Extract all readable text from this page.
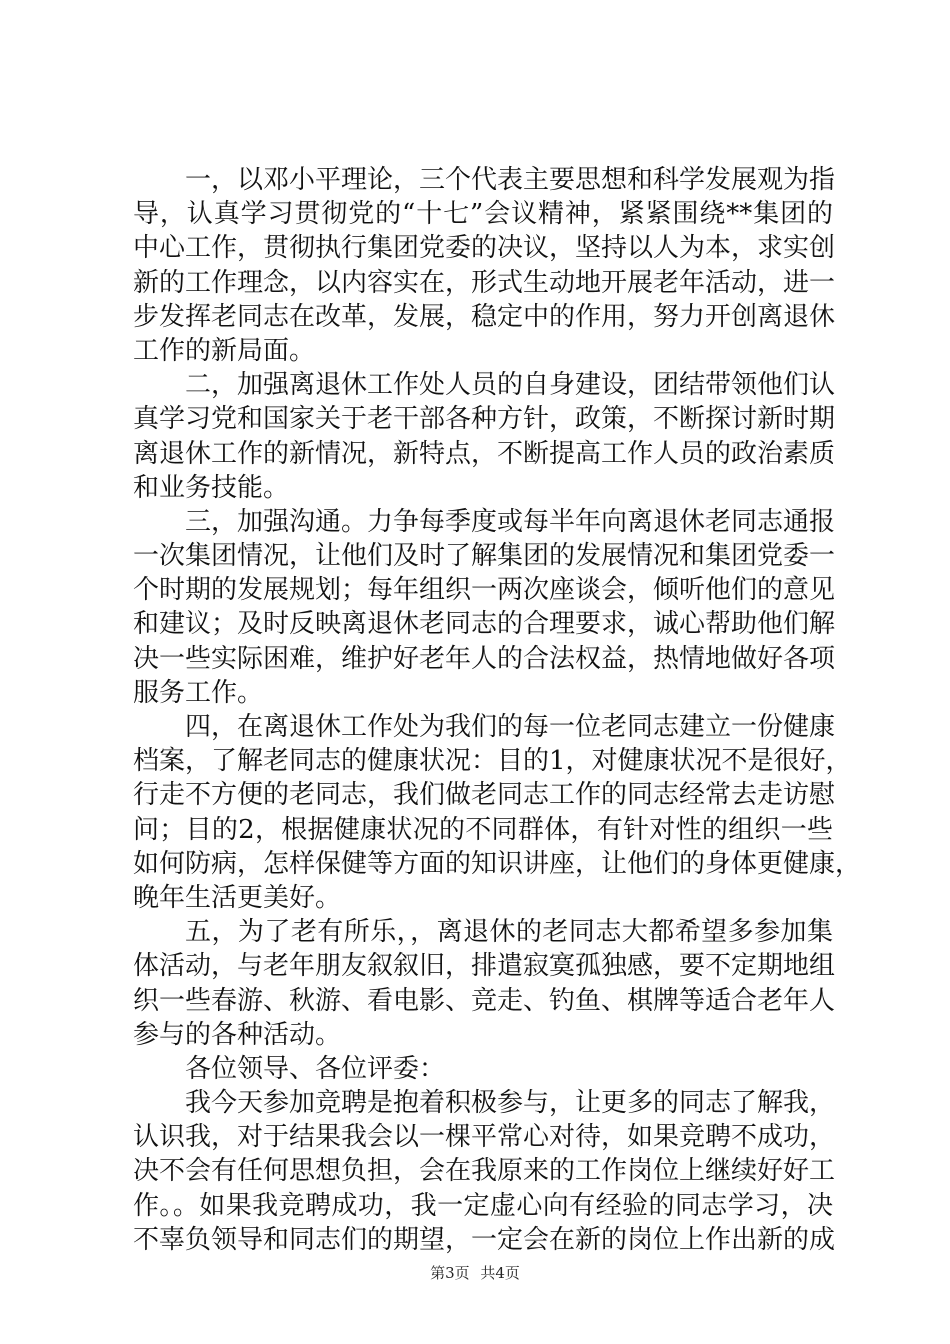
一，以邓小平理论，三个代表主要思想和科学发展观为指
导，认真学习贯彻党的“十七”会议精神，紧紧围绕**集团的
中心工作，贯彻执行集团党委的决议，坚持以人为本，求实创
新的工作理念，以内容实在，形式生动地开展老年活动，进一
步发挥老同志在改革，发展，稳定中的作用，努力开创离退休
工作的新局面。
二，加强离退休工作处人员的自身建设，团结带领他们认
真学习党和国家关于老干部各种方针，政策，不断探讨新时期
离退休工作的新情况，新特点，不断提高工作人员的政治素质
和业务技能。
三，加强沟通。力争每季度或每半年向离退休老同志通报
一次集团情况，让他们及时了解集团的发展情况和集团党委一
个时期的发展规划；每年组织一两次座谈会，倾听他们的意见
和建议；及时反映离退休老同志的合理要求，诚心帮助他们解
决一些实际困难，维护好老年人的合法权益，热情地做好各项
服务工作。
四，在离退休工作处为我们的每一位老同志建立一份健康
档案，了解老同志的健康状况：目的1，对健康状况不是很好，
行走不方便的老同志，我们做老同志工作的同志经常去走访慰
问；目的2，根据健康状况的不同群体，有针对性的组织一些
如何防病，怎样保健等方面的知识讲座，让他们的身体更健康，
晚年生活更美好。
五，为了老有所乐，，离退休的老同志大都希望多参加集
体活动，与老年朋友叙叙旧，排遣寂寞孤独感，要不定期地组
织一些春游、秋游、看电影、竞走、钓鱼、棋牌等适合老年人
参与的各种活动。
各位领导、各位评委：
我今天参加竞聘是抱着积极参与，让更多的同志了解我，
认识我，对于结果我会以一棵平常心对待，如果竞聘不成功，
决不会有任何思想负担，会在我原来的工作岗位上继续好好工
作。。如果我竞聘成功，我一定虚心向有经验的同志学习，决
不辜负领导和同志们的期望，一定会在新的岗位上作出新的成
第3页 共4页
